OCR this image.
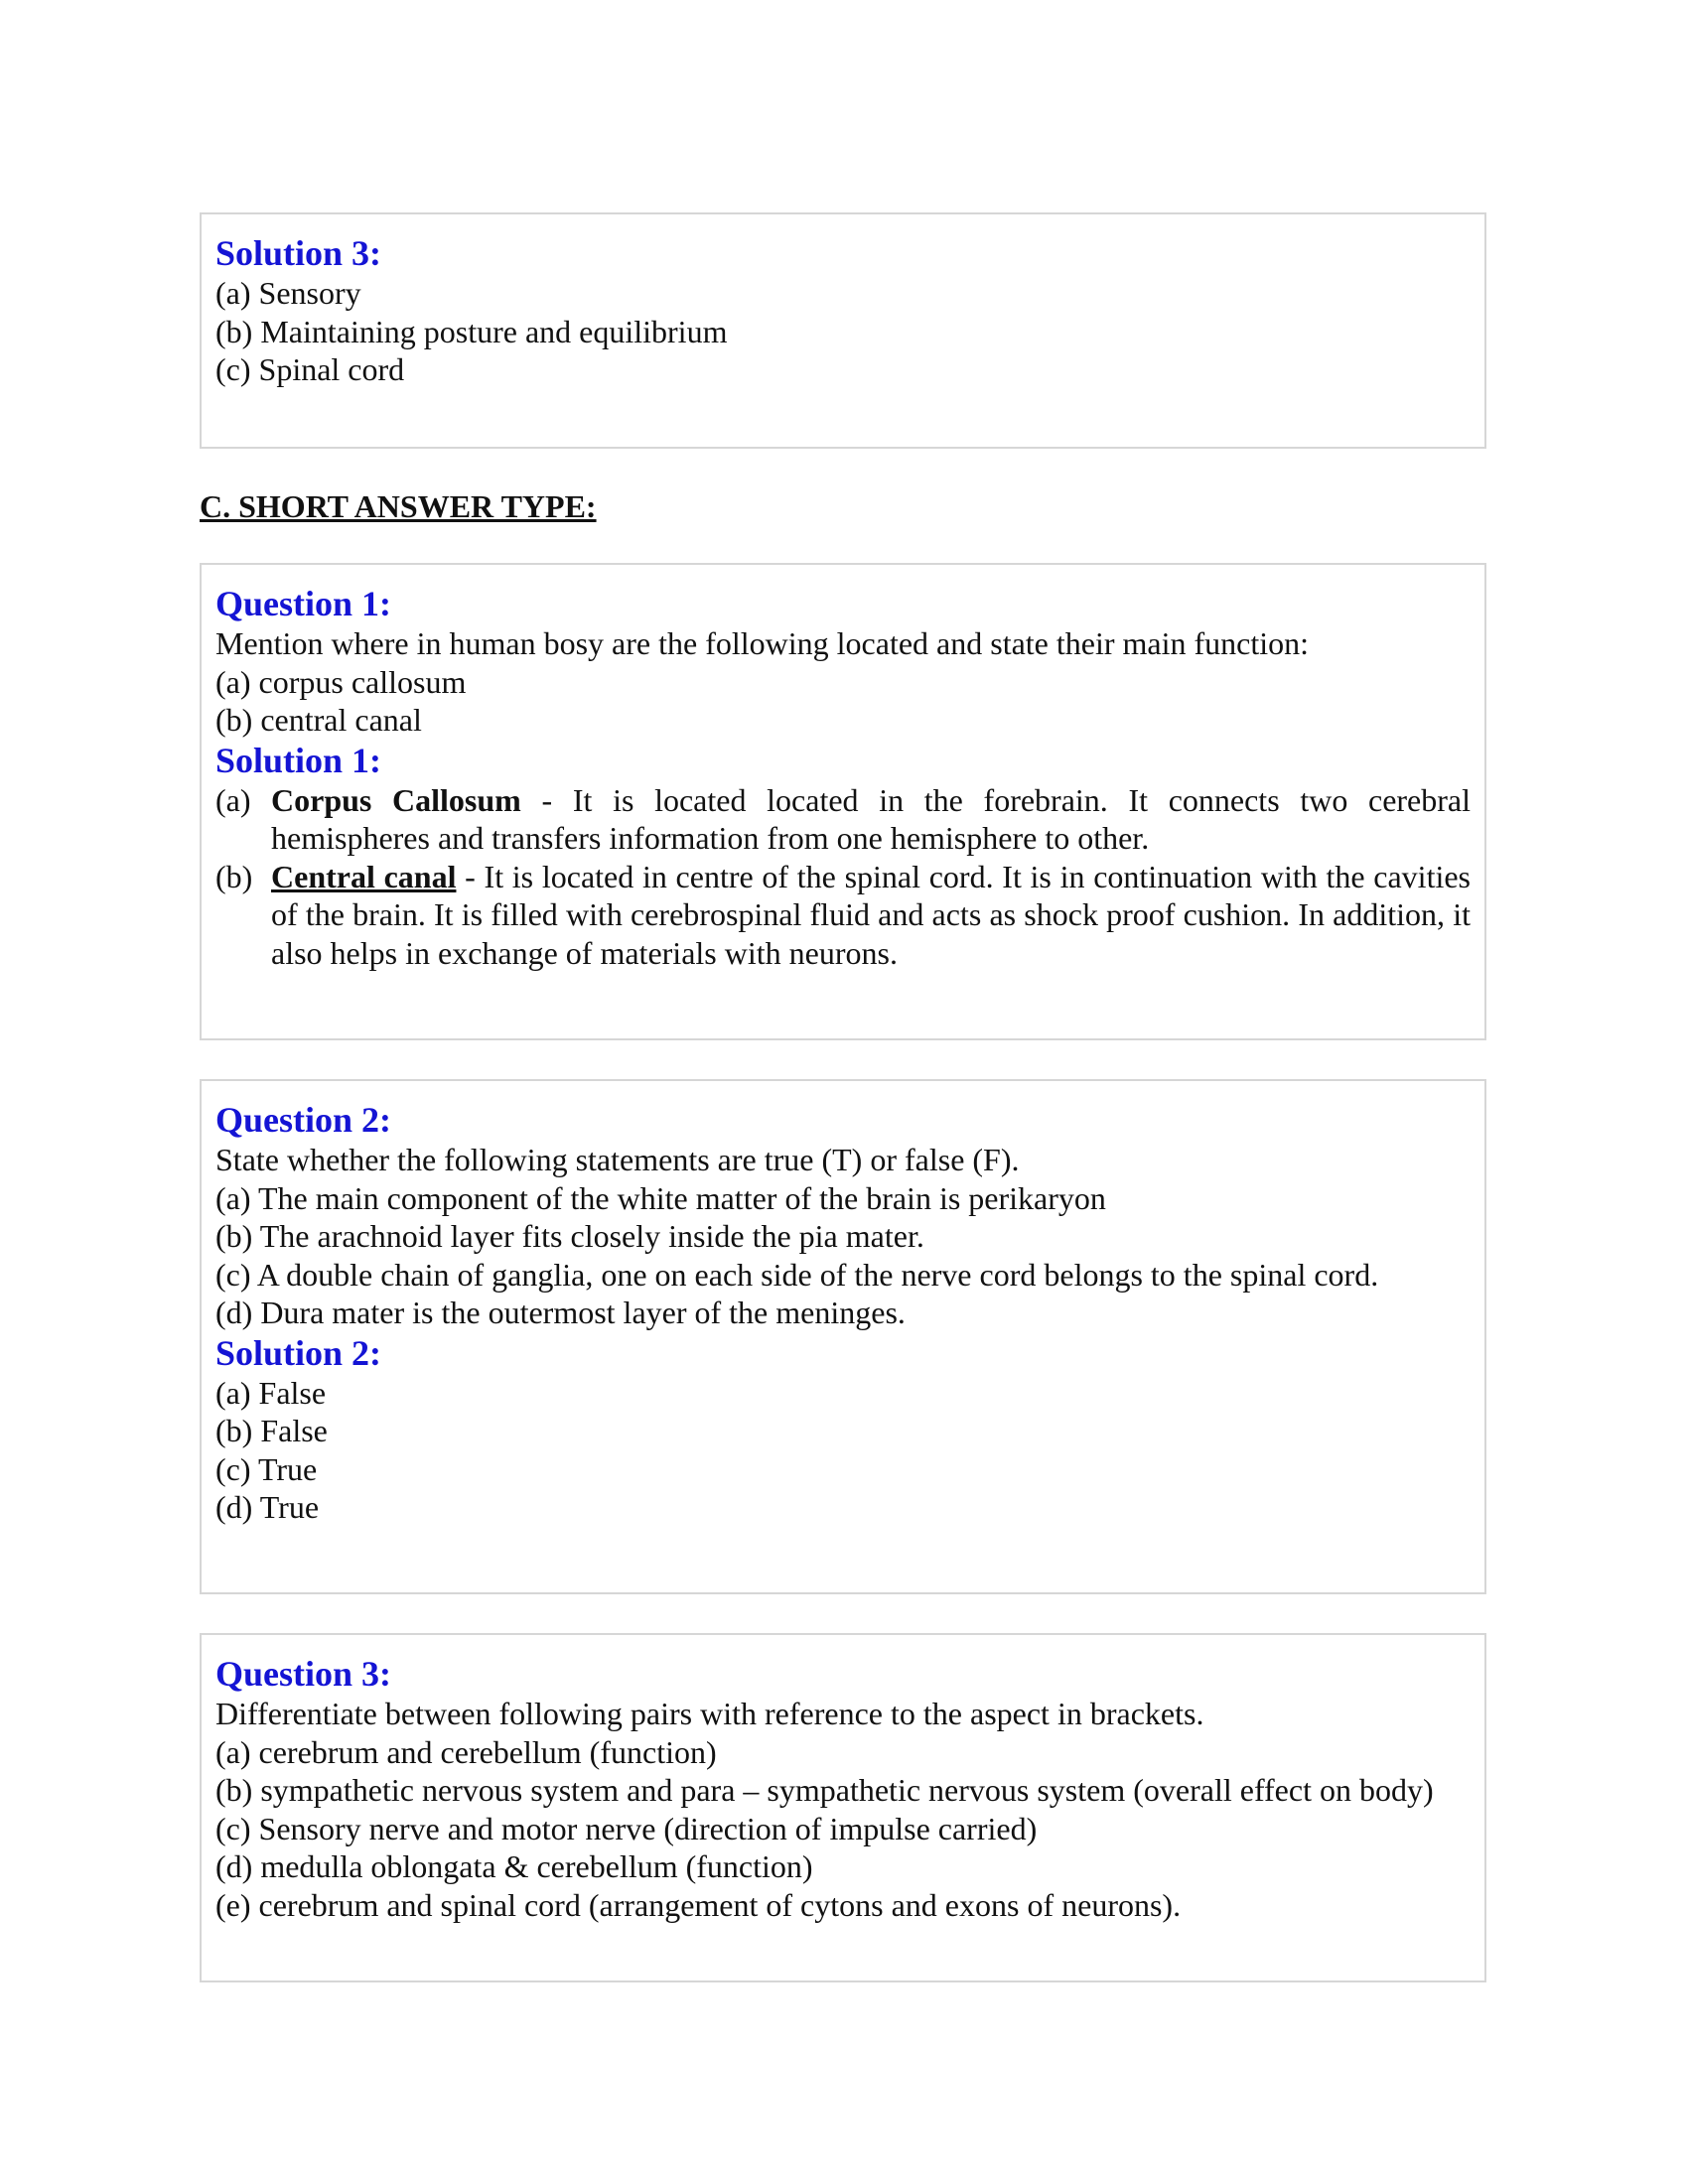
Solution 3:
(a) Sensory
(b) Maintaining posture and equilibrium
(c) Spinal cord
C. SHORT ANSWER TYPE:
Question 1:
Mention where in human bosy are the following located and state their main function:
(a) corpus callosum
(b) central canal
Solution 1:
(a) Corpus Callosum - It is located located in the forebrain. It connects two cerebral hemispheres and transfers information from one hemisphere to other.
(b) Central canal - It is located in centre of the spinal cord. It is in continuation with the cavities of the brain. It is filled with cerebrospinal fluid and acts as shock proof cushion. In addition, it also helps in exchange of materials with neurons.
Question 2:
State whether the following statements are true (T) or false (F).
(a) The main component of the white matter of the brain is perikaryon
(b) The arachnoid layer fits closely inside the pia mater.
(c) A double chain of ganglia, one on each side of the nerve cord belongs to the spinal cord.
(d) Dura mater is the outermost layer of the meninges.
Solution 2:
(a) False
(b) False
(c) True
(d) True
Question 3:
Differentiate between following pairs with reference to the aspect in brackets.
(a) cerebrum and cerebellum (function)
(b) sympathetic nervous system and para – sympathetic nervous system (overall effect on body)
(c) Sensory nerve and motor nerve (direction of impulse carried)
(d) medulla oblongata & cerebellum (function)
(e) cerebrum and spinal cord (arrangement of cytons and exons of neurons).
